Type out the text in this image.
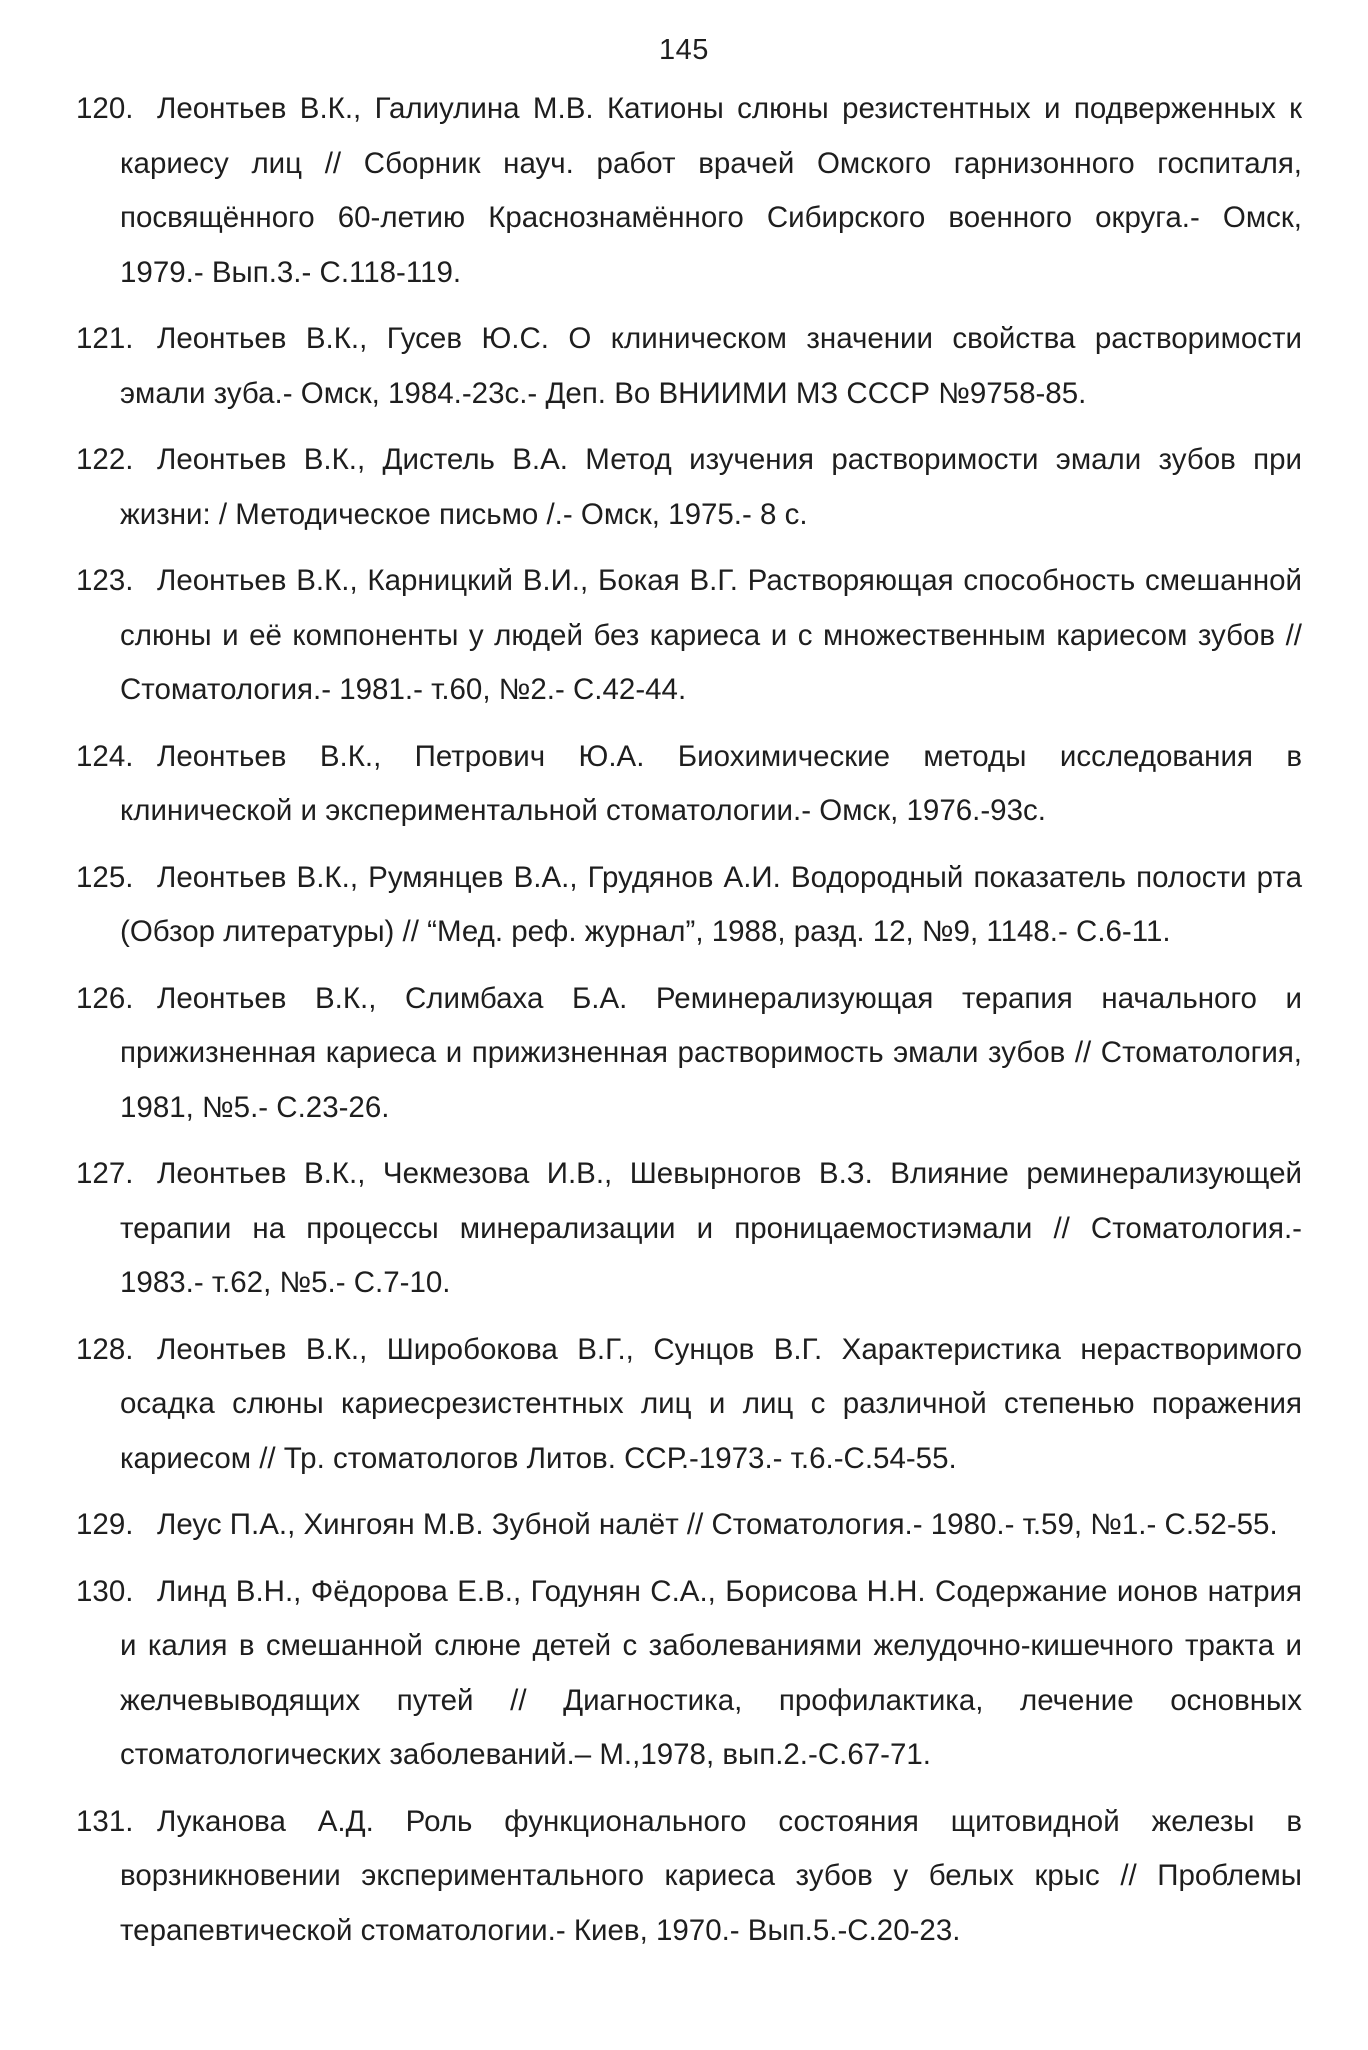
145
120. Леонтьев В.К., Галиулина М.В. Катионы слюны резистентных и подверженных к кариесу лиц // Сборник науч. работ врачей Омского гарнизонного госпиталя, посвящённого 60-летию Краснознамённого Сибирского военного округа.- Омск, 1979.- Вып.3.- С.118-119.
121. Леонтьев В.К., Гусев Ю.С. О клиническом значении свойства растворимости эмали зуба.- Омск, 1984.-23с.- Деп. Во ВНИИМИ МЗ СССР №9758-85.
122. Леонтьев В.К., Дистель В.А. Метод изучения растворимости эмали зубов при жизни: / Методическое письмо /.- Омск, 1975.- 8 с.
123. Леонтьев В.К., Карницкий В.И., Бокая В.Г. Растворяющая способность смешанной слюны и её компоненты у людей без кариеса и с множественным кариесом зубов // Стоматология.- 1981.- т.60, №2.- С.42-44.
124. Леонтьев В.К., Петрович Ю.А. Биохимические методы исследования в клинической и экспериментальной стоматологии.- Омск, 1976.-93с.
125. Леонтьев В.К., Румянцев В.А., Грудянов А.И. Водородный показатель полости рта (Обзор литературы) // “Мед. реф. журнал”, 1988, разд. 12, №9, 1148.- С.6-11.
126. Леонтьев В.К., Слимбаха Б.А. Реминерализующая терапия начального и прижизненная кариеса и прижизненная растворимость эмали зубов // Стоматология, 1981, №5.- С.23-26.
127. Леонтьев В.К., Чекмезова И.В., Шевырногов В.З. Влияние реминерализующей терапии на процессы минерализации и проницаемостиэмали // Стоматология.- 1983.- т.62, №5.- С.7-10.
128. Леонтьев В.К., Широбокова В.Г., Сунцов В.Г. Характеристика нерастворимого осадка слюны кариесрезистентных лиц и лиц с различной степенью поражения кариесом // Тр. стоматологов Литов. ССР.-1973.- т.6.-С.54-55.
129. Леус П.А., Хингоян М.В. Зубной налёт // Стоматология.- 1980.- т.59, №1.- С.52-55.
130. Линд В.Н., Фёдорова Е.В., Годунян С.А., Борисова Н.Н. Содержание ионов натрия и калия в смешанной слюне детей с заболеваниями желудочно-кишечного тракта и желчевыводящих путей // Диагностика, профилактика, лечение основных стоматологических заболеваний.– М.,1978, вып.2.-С.67-71.
131. Луканова А.Д. Роль функционального состояния щитовидной железы в ворзникновении экспериментального кариеса зубов у белых крыс // Проблемы терапевтической стоматологии.- Киев, 1970.- Вып.5.-С.20-23.
